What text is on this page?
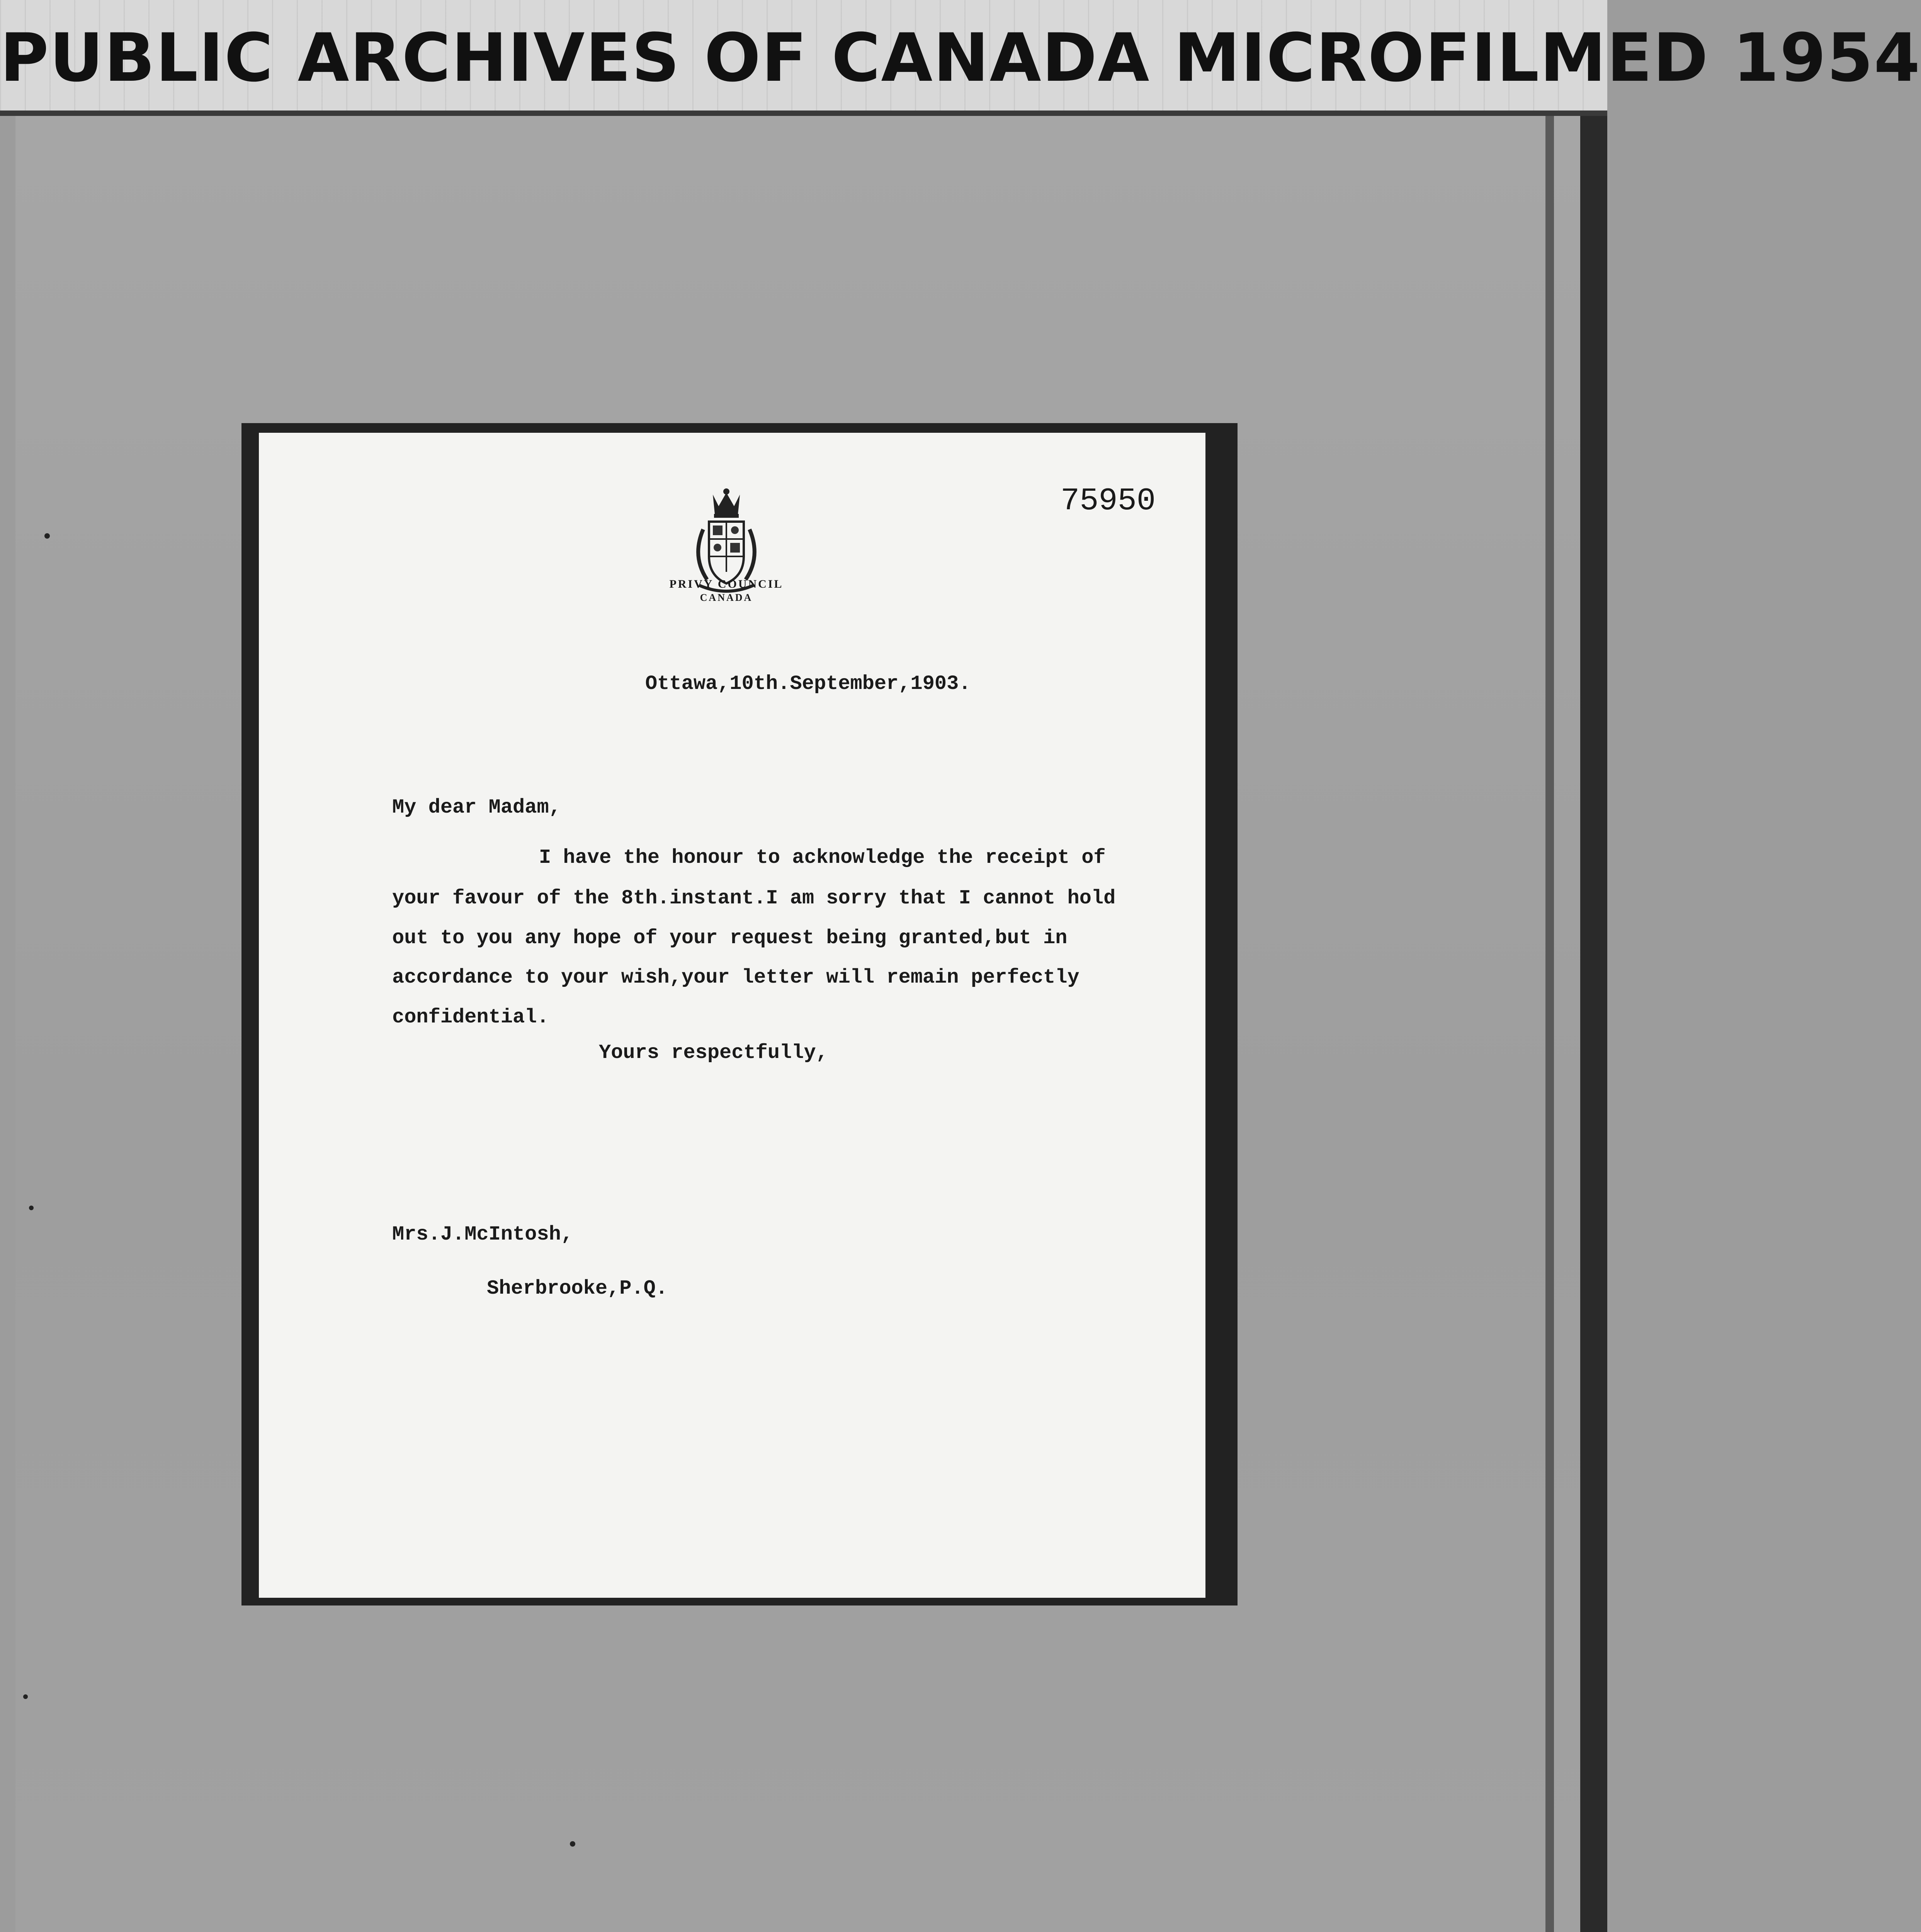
PUBLIC ARCHIVES OF CANADA MICROFILMED 1954
PRIVY COUNCIL
CANADA
75950
Ottawa,10th.September,1903.
My dear Madam,
I have the honour to acknowledge the receipt of
your favour of the 8th.instant.I am sorry that I cannot hold
out to you any hope of your request being granted,but in
accordance to your wish,your letter will remain perfectly
confidential.
Yours respectfully,
Mrs.J.McIntosh,
Sherbrooke,P.Q.
